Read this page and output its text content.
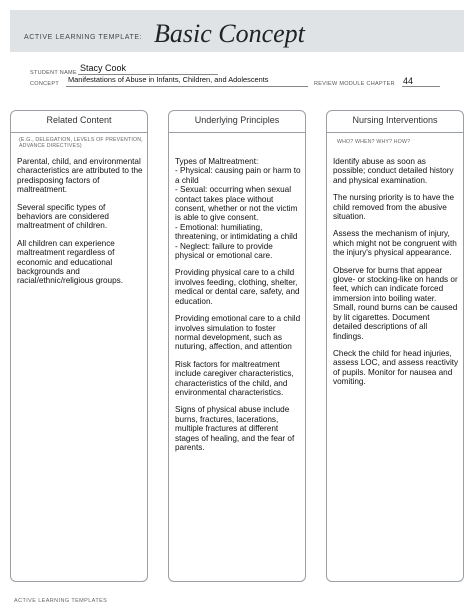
ACTIVE LEARNING TEMPLATE: Basic Concept
STUDENT NAME Stacy Cook
CONCEPT Manifestations of Abuse in Infants, Children, and Adolescents	REVIEW MODULE CHAPTER 44
Related Content
(E.G., DELEGATION, LEVELS OF PREVENTION, ADVANCE DIRECTIVES)

Parental, child, and environmental characteristics are attributed to the predisposing factors of maltreatment.

Several specific types of behaviors are considered maltreatment of children.

All children can experience maltreatment regardless of economic and educational backgrounds and racial/ethnic/religious groups.

Underlying Principles

Types of Maltreatment:
- Physical: causing pain or harm to a child
- Sexual: occurring when sexual contact takes place without consent, whether or not the victim is able to give consent.
- Emotional: humiliating, threatening, or intimidating a child
- Neglect: failure to provide physical or emotional care.

Providing physical care to a child involves feeding, clothing, shelter, medical or dental care, safety, and education.

Providing emotional care to a child involves simulation to foster normal development, such as nuturing, affection, and attention

Risk factors for maltreatment include caregiver characteristics, characteristics of the child, and environmental characteristics.

Signs of physical abuse include burns, fractures, lacerations, multiple fractures at different stages of healing, and the fear of parents.

Nursing Interventions
WHO? WHEN? WHY? HOW?

Identify abuse as soon as possible; conduct detailed history and physical examination.

The nursing priority is to have the child removed from the abusive situation.

Assess the mechanism of injury, which might not be congruent with the injury's physical appearance.

Observe for burns that appear glove- or stocking-like on hands or feet, which can indicate forced immersion into boiling water. Small, round burns can be caused by lit cigarettes. Document detailed descriptions of all findings.

Check the child for head injuries, assess LOC, and assess reactivity of pupils. Monitor for nausea and vomiting.

ACTIVE LEARNING TEMPLATES
